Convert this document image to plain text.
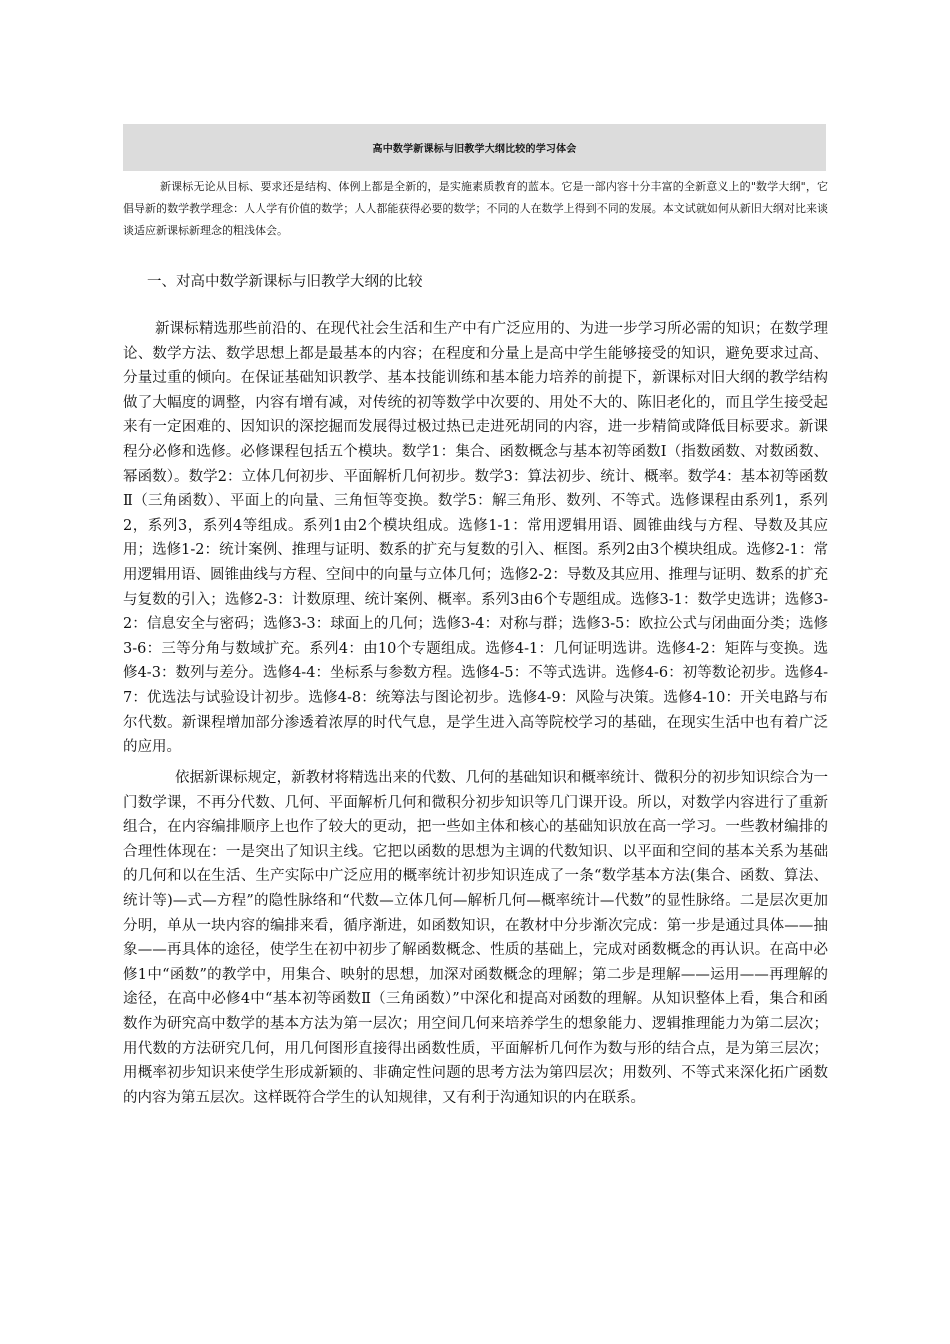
高中数学新课标与旧教学大纲比较的学习体会

新课标无论从目标、要求还是结构、体例上都是全新的，是实施素质教育的蓝本。它是一部内容十分丰富的全新意义上的"数学大纲"，它倡导新的数学教学理念：人人学有价值的数学；人人都能获得必要的数学；不同的人在数学上得到不同的发展。本文试就如何从新旧大纲对比来谈谈适应新课标新理念的粗浅体会。

一、对高中数学新课标与旧教学大纲的比较

新课标精选那些前沿的、在现代社会生活和生产中有广泛应用的、为进一步学习所必需的知识；在数学理论、数学方法、数学思想上都是最基本的内容；在程度和分量上是高中学生能够接受的知识，避免要求过高、分量过重的倾向。在保证基础知识教学、基本技能训练和基本能力培养的前提下，新课标对旧大纲的教学结构做了大幅度的调整，内容有增有减，对传统的初等数学中次要的、用处不大的、陈旧老化的，而且学生接受起来有一定困难的、因知识的深挖掘而发展得过极过热已走进死胡同的内容，进一步精简或降低目标要求。新课程分必修和选修。必修课程包括五个模块。数学1：集合、函数概念与基本初等函数Ⅰ（指数函数、对数函数、幂函数）。数学2：立体几何初步、平面解析几何初步。数学3：算法初步、统计、概率。数学4：基本初等函数Ⅱ（三角函数）、平面上的向量、三角恒等变换。数学5：解三角形、数列、不等式。选修课程由系列1，系列2，系列3，系列4等组成。系列1由2个模块组成。选修1-1：常用逻辑用语、圆锥曲线与方程、导数及其应用；选修1-2：统计案例、推理与证明、数系的扩充与复数的引入、框图。系列2由3个模块组成。选修2-1：常用逻辑用语、圆锥曲线与方程、空间中的向量与立体几何；选修2-2：导数及其应用、推理与证明、数系的扩充与复数的引入；选修2-3：计数原理、统计案例、概率。系列3由6个专题组成。选修3-1：数学史选讲；选修3-2：信息安全与密码；选修3-3：球面上的几何；选修3-4：对称与群；选修3-5：欧拉公式与闭曲面分类；选修3-6：三等分角与数域扩充。系列4：由10个专题组成。选修4-1：几何证明选讲。选修4-2：矩阵与变换。选修4-3：数列与差分。选修4-4：坐标系与参数方程。选修4-5：不等式选讲。选修4-6：初等数论初步。选修4-7：优选法与试验设计初步。选修4-8：统筹法与图论初步。选修4-9：风险与决策。选修4-10：开关电路与布尔代数。新课程增加部分渗透着浓厚的时代气息，是学生进入高等院校学习的基础，在现实生活中也有着广泛的应用。

依据新课标规定，新教材将精选出来的代数、几何的基础知识和概率统计、微积分的初步知识综合为一门数学课，不再分代数、几何、平面解析几何和微积分初步知识等几门课开设。所以，对数学内容进行了重新组合，在内容编排顺序上也作了较大的更动，把一些如主体和核心的基础知识放在高一学习。一些教材编排的合理性体现在：一是突出了知识主线。它把以函数的思想为主调的代数知识、以平面和空间的基本关系为基础的几何和以在生活、生产实际中广泛应用的概率统计初步知识连成了一条“数学基本方法(集合、函数、算法、统计等)—式—方程”的隐性脉络和“代数—立体几何—解析几何—概率统计—代数”的显性脉络。二是层次更加分明，单从一块内容的编排来看，循序渐进，如函数知识，在教材中分步渐次完成：第一步是通过具体——抽象——再具体的途径，使学生在初中初步了解函数概念、性质的基础上，完成对函数概念的再认识。在高中必修1中“函数”的教学中，用集合、映射的思想，加深对函数概念的理解；第二步是理解——运用——再理解的途径，在高中必修4中“基本初等函数Ⅱ（三角函数）”中深化和提高对函数的理解。从知识整体上看，集合和函数作为研究高中数学的基本方法为第一层次；用空间几何来培养学生的想象能力、逻辑推理能力为第二层次；用代数的方法研究几何，用几何图形直接得出函数性质，平面解析几何作为数与形的结合点，是为第三层次；用概率初步知识来使学生形成新颖的、非确定性问题的思考方法为第四层次；用数列、不等式来深化拓广函数的内容为第五层次。这样既符合学生的认知规律，又有利于沟通知识的内在联系。
